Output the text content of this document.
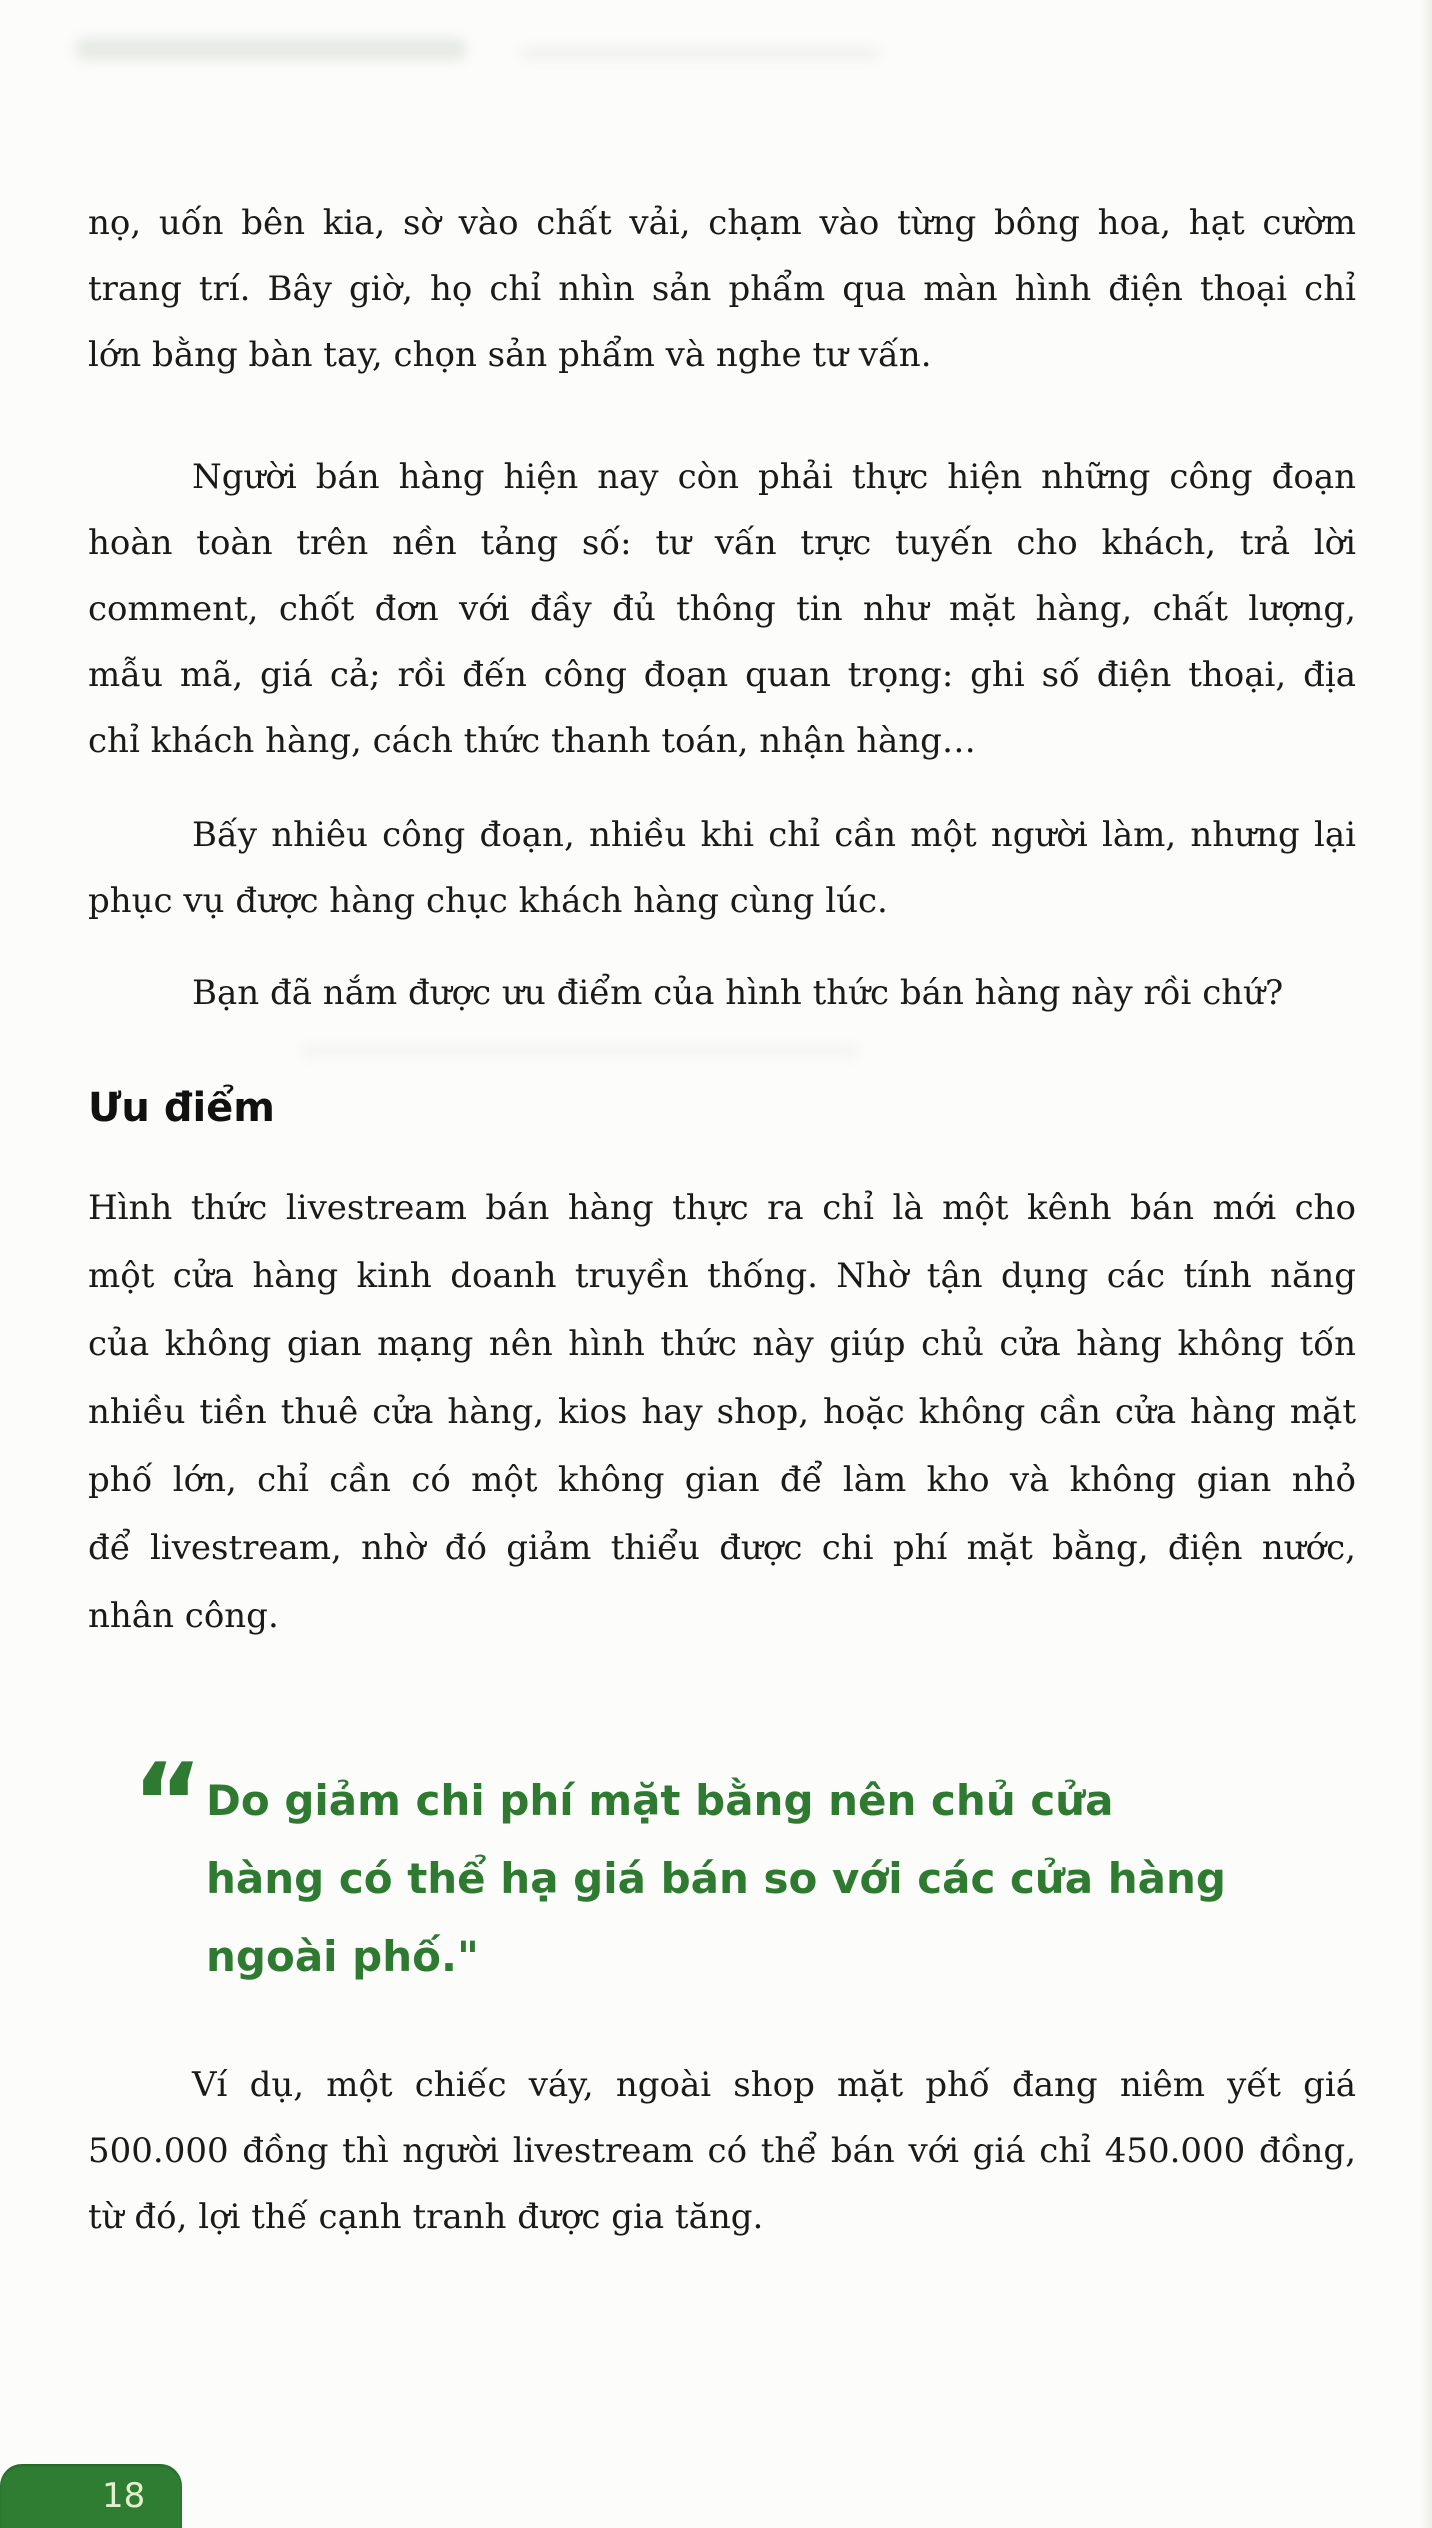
nọ, uốn bên kia, sờ vào chất vải, chạm vào từng bông hoa, hạt cườm
trang trí. Bây giờ, họ chỉ nhìn sản phẩm qua màn hình điện thoại chỉ
lớn bằng bàn tay, chọn sản phẩm và nghe tư vấn.

Người bán hàng hiện nay còn phải thực hiện những công đoạn
hoàn toàn trên nền tảng số: tư vấn trực tuyến cho khách, trả lời
comment, chốt đơn với đầy đủ thông tin như mặt hàng, chất lượng,
mẫu mã, giá cả; rồi đến công đoạn quan trọng: ghi số điện thoại, địa
chỉ khách hàng, cách thức thanh toán, nhận hàng…

Bấy nhiêu công đoạn, nhiều khi chỉ cần một người làm, nhưng lại
phục vụ được hàng chục khách hàng cùng lúc.

Bạn đã nắm được ưu điểm của hình thức bán hàng này rồi chứ?

Ưu điểm

Hình thức livestream bán hàng thực ra chỉ là một kênh bán mới cho
một cửa hàng kinh doanh truyền thống. Nhờ tận dụng các tính năng
của không gian mạng nên hình thức này giúp chủ cửa hàng không tốn
nhiều tiền thuê cửa hàng, kios hay shop, hoặc không cần cửa hàng mặt
phố lớn, chỉ cần có một không gian để làm kho và không gian nhỏ
để livestream, nhờ đó giảm thiểu được chi phí mặt bằng, điện nước,
nhân công.

“ Do giảm chi phí mặt bằng nên chủ cửa
hàng có thể hạ giá bán so với các cửa hàng
ngoài phố."

Ví dụ, một chiếc váy, ngoài shop mặt phố đang niêm yết giá
500.000 đồng thì người livestream có thể bán với giá chỉ 450.000 đồng,
từ đó, lợi thế cạnh tranh được gia tăng.

18
